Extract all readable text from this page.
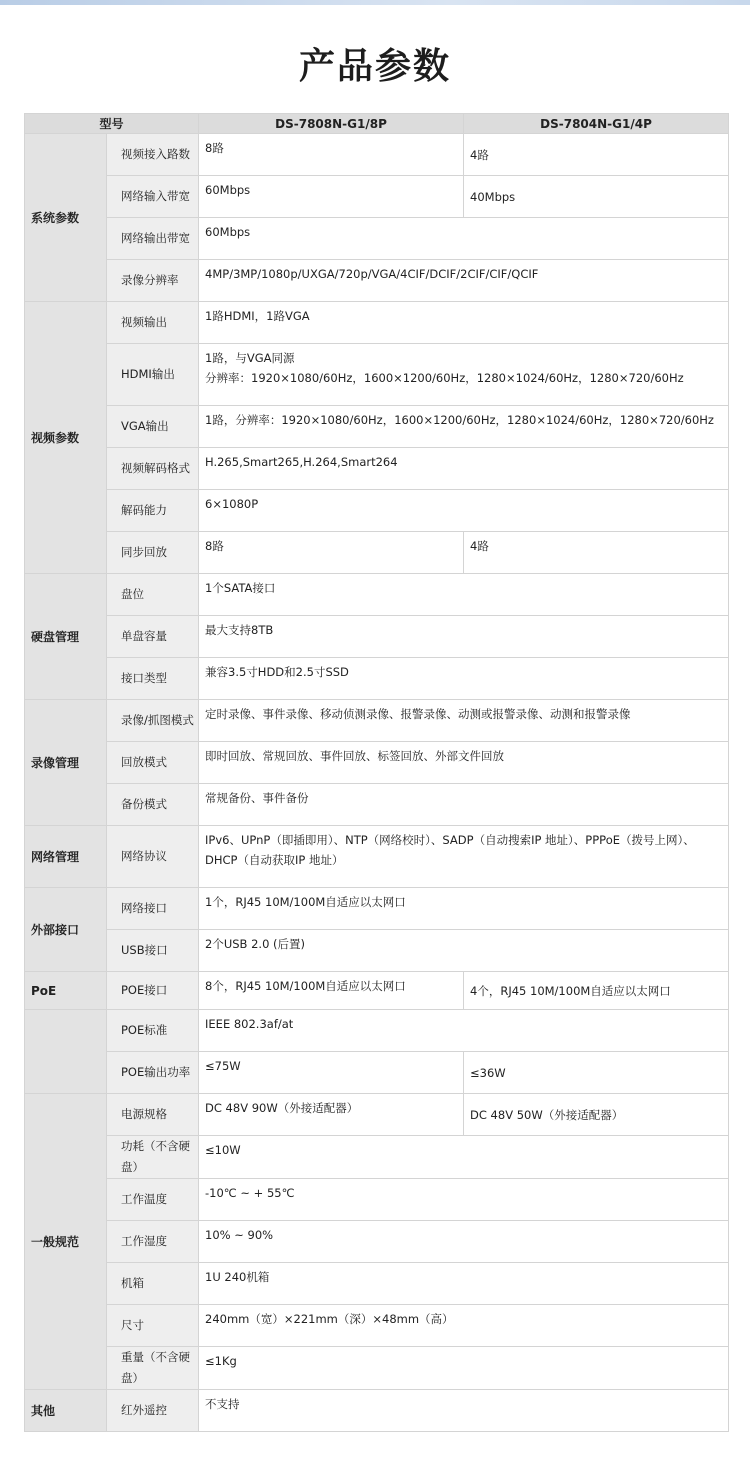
产品参数
型号		DS-7808N-G1/8P	DS-7804N-G1/4P
系统参数	视频接入路数	8路	4路
	网络输入带宽	60Mbps	40Mbps
	网络输出带宽	60Mbps	
	录像分辨率	4MP/3MP/1080p/UXGA/720p/VGA/4CIF/DCIF/2CIF/CIF/QCIF	
视频参数	视频输出	1路HDMI，1路VGA	
	HDMI输出	1路，与VGA同源
分辨率：1920×1080/60Hz，1600×1200/60Hz，1280×1024/60Hz，1280×720/60Hz	

	VGA输出	1路，分辨率：1920×1080/60Hz，1600×1200/60Hz，1280×1024/60Hz，1280×720/60Hz	
	视频解码格式	H.265,Smart265,H.264,Smart264	
	解码能力	6×1080P	
	同步回放	8路	4路
硬盘管理	盘位	1个SATA接口	
	单盘容量	最大支持8TB	
	接口类型	兼容3.5寸HDD和2.5寸SSD	
录像管理	录像/抓图模式	定时录像、事件录像、移动侦测录像、报警录像、动测或报警录像、动测和报警录像	
	回放模式	即时回放、常规回放、事件回放、标签回放、外部文件回放	
	备份模式	常规备份、事件备份	
网络管理	网络协议	IPv6、UPnP（即插即用）、NTP（网络校时）、SADP（自动搜索IP 地址）、PPPoE（拨号上网）、DHCP（自动获取IP 地址）	
外部接口	网络接口	1个，RJ45 10M/100M自适应以太网口	
	USB接口	2个USB 2.0 (后置)	
PoE	POE接口	8个，RJ45 10M/100M自适应以太网口	4个，RJ45 10M/100M自适应以太网口
	POE标准	IEEE 802.3af/at	
	POE输出功率	≤75W	≤36W
一般规范	电源规格	DC 48V 90W（外接适配器）	DC 48V 50W（外接适配器）
	功耗（不含硬盘）	≤10W	
	工作温度	-10℃ ~ + 55℃	
	工作湿度	10% ~ 90%	
	机箱	1U 240机箱	
	尺寸	240mm（宽）×221mm（深）×48mm（高）	
	重量（不含硬盘）	≤1Kg	
其他	红外遥控	不支持	
